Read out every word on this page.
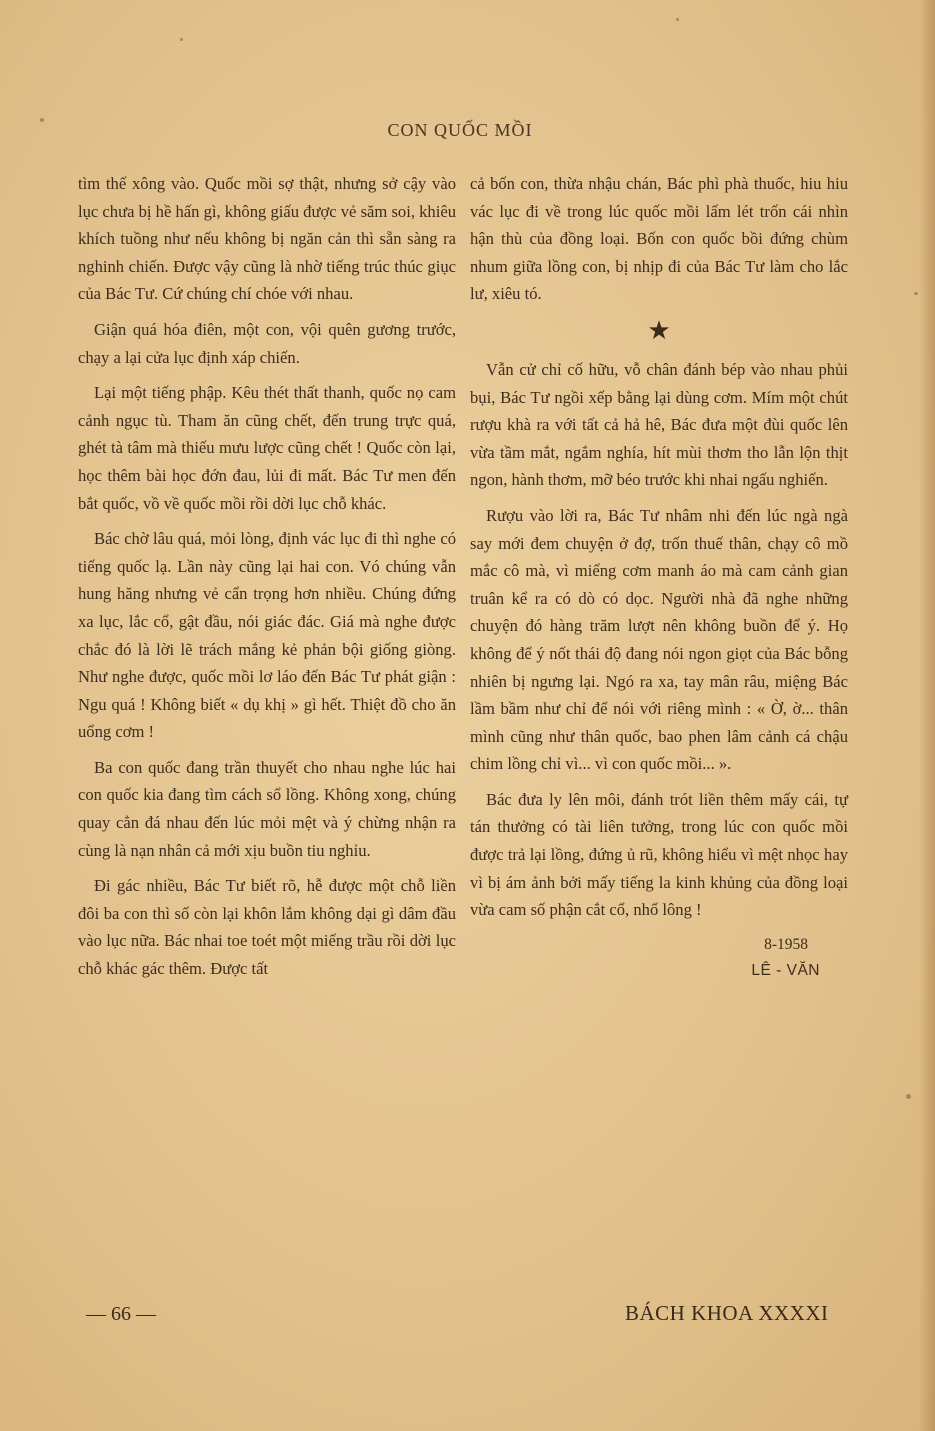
CON QUỐC MỒI

tìm thế xông vào. Quốc mồi sợ thật, nhưng sở cậy vào lục chưa bị hề hấn gì, không giấu được vẻ săm soi, khiêu khích tuồng như nếu không bị ngăn cản thì sẵn sàng ra nghinh chiến. Được vậy cũng là nhờ tiếng trúc thúc giục của Bác Tư. Cứ chúng chí chóe với nhau.

Giận quá hóa điên, một con, vội quên gương trước, chạy a lại cửa lục định xáp chiến.

Lại một tiếng phập. Kêu thét thất thanh, quốc nọ cam cảnh ngục tù. Tham ăn cũng chết, đến trung trực quá, ghét tà tâm mà thiếu mưu lược cũng chết ! Quốc còn lại, học thêm bài học đớn đau, lủi đi mất. Bác Tư men đến bắt quốc, vồ về quốc mồi rồi dời lục chỗ khác.

Bác chờ lâu quá, mỏi lòng, định vác lục đi thì nghe có tiếng quốc lạ. Lần này cũng lại hai con. Vó chúng vẫn hung hăng nhưng vẻ cẩn trọng hơn nhiều. Chúng đứng xa lục, lắc cổ, gật đầu, nói giác đác. Giá mà nghe được chắc đó là lời lẽ trách mắng kẻ phản bội giống giòng. Như nghe được, quốc mồi lơ láo đến Bác Tư phát giận : Ngu quá ! Không biết « dụ khị » gì hết. Thiệt đồ cho ăn uổng cơm !

Ba con quốc đang trần thuyết cho nhau nghe lúc hai con quốc kia đang tìm cách sổ lồng. Không xong, chúng quay cẳn đá nhau đến lúc mỏi mệt và ý chừng nhận ra cùng là nạn nhân cả mới xịu buồn tiu nghỉu.

Đi gác nhiều, Bác Tư biết rõ, hễ được một chỗ liền đôi ba con thì số còn lại khôn lắm không dại gì dâm đầu vào lục nữa. Bác nhai toe toét một miếng trầu rồi dời lục chỗ khác gác thêm. Được tất

cả bốn con, thừa nhậu chán, Bác phì phà thuốc, hiu hiu vác lục đi về trong lúc quốc mồi lấm lét trốn cái nhìn hận thù của đồng loại. Bốn con quốc bồi đứng chùm nhum giữa lồng con, bị nhịp đi của Bác Tư làm cho lắc lư, xiêu tó.

★

Vẫn cử chỉ cố hữu, vỗ chân đánh bép vào nhau phủi bụi, Bác Tư ngồi xếp bằng lại dùng cơm. Mím một chút rượu khà ra với tất cả hả hê, Bác đưa một đùi quốc lên vừa tầm mắt, ngắm nghía, hít mùi thơm tho lẫn lộn thịt ngon, hành thơm, mỡ béo trước khi nhai ngấu nghiến.

Rượu vào lời ra, Bác Tư nhâm nhi đến lúc ngà ngà say mới đem chuyện ở đợ, trốn thuế thân, chạy cô mồ mắc cô mà, vì miếng cơm manh áo mà cam cảnh gian truân kể ra có dò có dọc. Người nhà đã nghe những chuyện đó hàng trăm lượt nên không buồn để ý. Họ không để ý nốt thái độ đang nói ngon giọt của Bác bỗng nhiên bị ngưng lại. Ngó ra xa, tay mân râu, miệng Bác lầm bầm như chỉ để nói với riêng mình : « Ờ, ờ... thân mình cũng như thân quốc, bao phen lâm cảnh cá chậu chim lồng chỉ vì... vì con quốc mồi... ».

Bác đưa ly lên môi, đánh trót liền thêm mấy cái, tự tán thưởng có tài liên tưởng, trong lúc con quốc mồi được trả lại lồng, đứng ủ rũ, không hiểu vì mệt nhọc hay vì bị ám ảnh bởi mấy tiếng la kinh khủng của đồng loại vừa cam số phận cắt cổ, nhổ lông !

8-1958
LÊ - VĂN
— 66 —	BÁCH KHOA XXXXI
